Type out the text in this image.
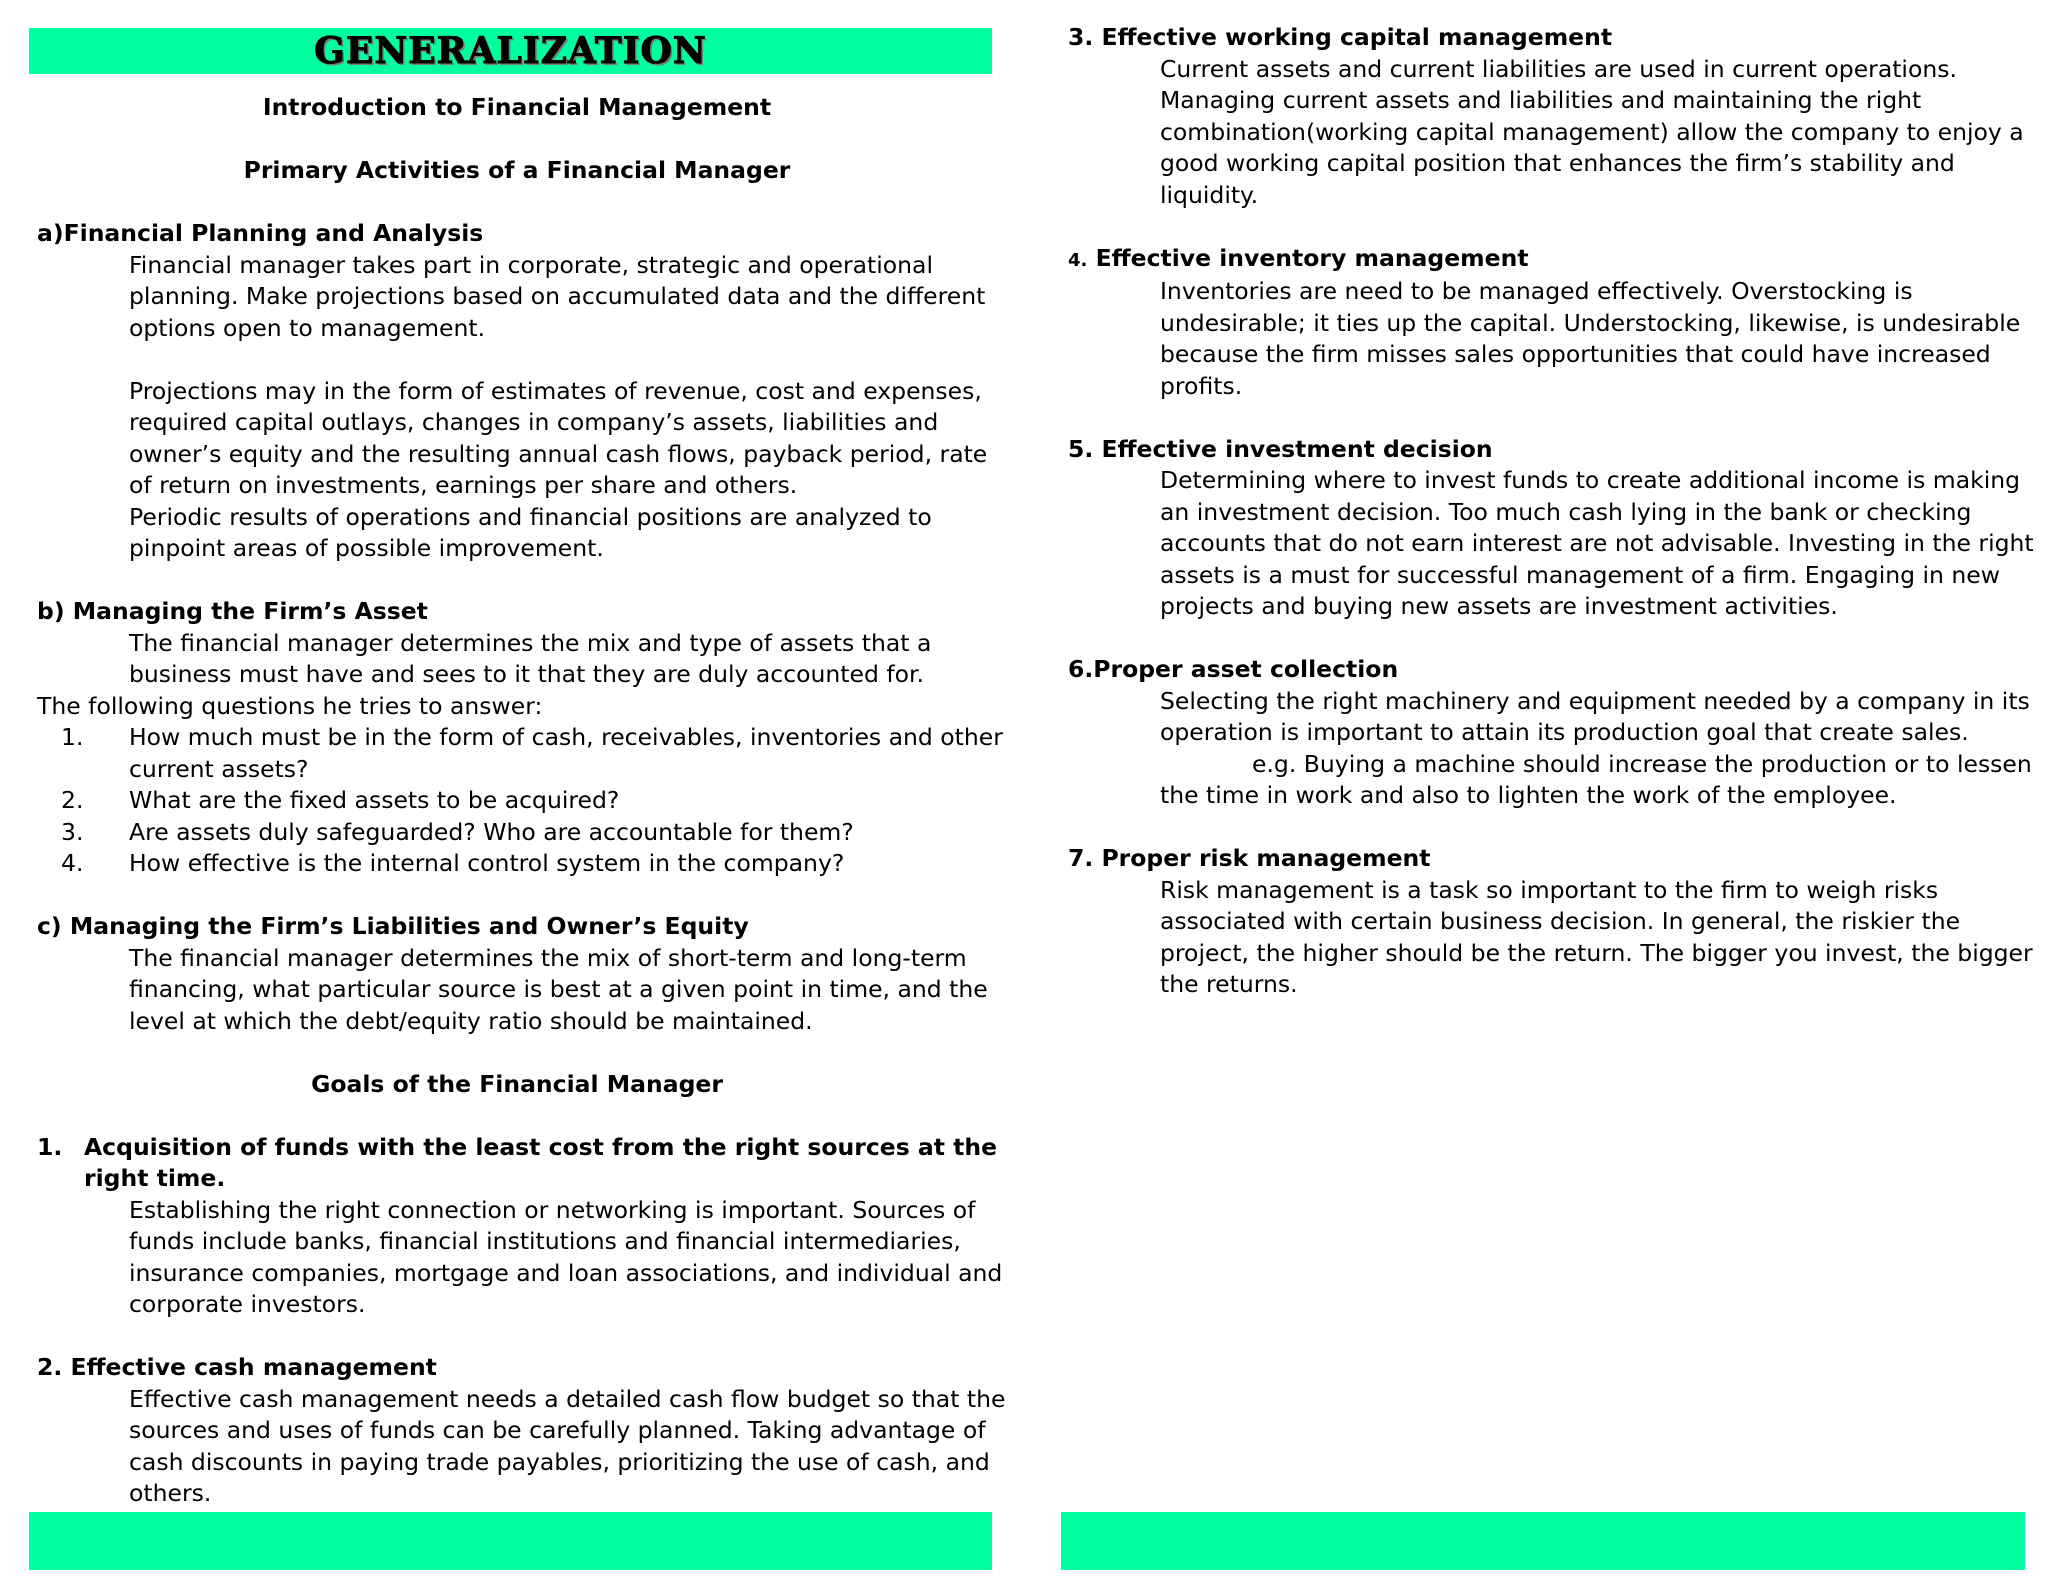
GENERALIZATION
Introduction to Financial Management
Primary Activities of a Financial Manager
a)Financial Planning and Analysis
Financial manager takes part in corporate, strategic and operational
planning. Make projections based on accumulated data and the different
options open to management.
Projections may in the form of estimates of revenue, cost and expenses,
required capital outlays, changes in company’s assets, liabilities and
owner’s equity and the resulting annual cash flows, payback period, rate
of return on investments, earnings per share and others.
Periodic results of operations and financial positions are analyzed to
pinpoint areas of possible improvement.
b) Managing the Firm’s Asset
The financial manager determines the mix and type of assets that a
business must have and sees to it that they are duly accounted for.
The following questions he tries to answer:
1. How much must be in the form of cash, receivables, inventories and other
current assets?
2. What are the fixed assets to be acquired?
3. Are assets duly safeguarded? Who are accountable for them?
4. How effective is the internal control system in the company?
c) Managing the Firm’s Liabilities and Owner’s Equity
The financial manager determines the mix of short-term and long-term
financing, what particular source is best at a given point in time, and the
level at which the debt/equity ratio should be maintained.
Goals of the Financial Manager
1. Acquisition of funds with the least cost from the right sources at the
right time.
Establishing the right connection or networking is important. Sources of
funds include banks, financial institutions and financial intermediaries,
insurance companies, mortgage and loan associations, and individual and
corporate investors.
2. Effective cash management
Effective cash management needs a detailed cash flow budget so that the
sources and uses of funds can be carefully planned. Taking advantage of
cash discounts in paying trade payables, prioritizing the use of cash, and
others.
3. Effective working capital management
Current assets and current liabilities are used in current operations.
Managing current assets and liabilities and maintaining the right
combination(working capital management) allow the company to enjoy a
good working capital position that enhances the firm’s stability and
liquidity.
4. Effective inventory management
Inventories are need to be managed effectively. Overstocking is
undesirable; it ties up the capital. Understocking, likewise, is undesirable
because the firm misses sales opportunities that could have increased
profits.
5. Effective investment decision
Determining where to invest funds to create additional income is making
an investment decision. Too much cash lying in the bank or checking
accounts that do not earn interest are not advisable. Investing in the right
assets is a must for successful management of a firm. Engaging in new
projects and buying new assets are investment activities.
6.Proper asset collection
Selecting the right machinery and equipment needed by a company in its
operation is important to attain its production goal that create sales.
e.g. Buying a machine should increase the production or to lessen
the time in work and also to lighten the work of the employee.
7. Proper risk management
Risk management is a task so important to the firm to weigh risks
associated with certain business decision. In general, the riskier the
project, the higher should be the return. The bigger you invest, the bigger
the returns.
